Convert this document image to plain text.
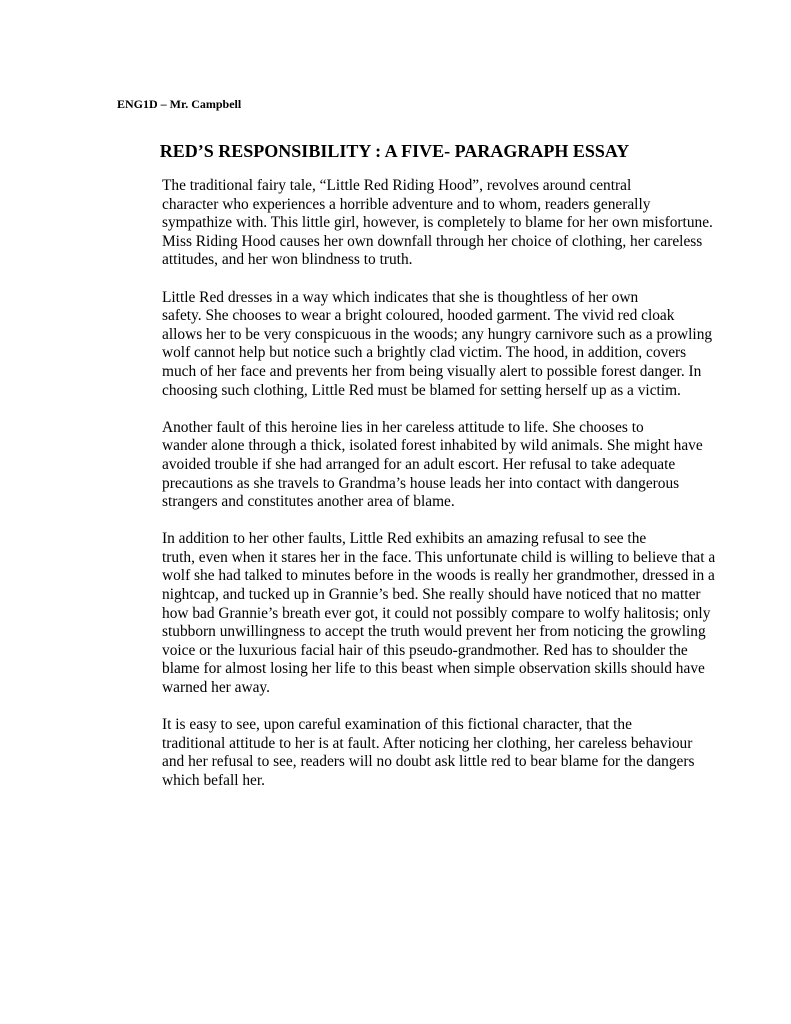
ENG1D – Mr. Campbell

RED’S RESPONSIBILITY : A FIVE- PARAGRAPH ESSAY

The traditional fairy tale, “Little Red Riding Hood”, revolves around central
character who experiences a horrible adventure and to whom, readers generally
sympathize with. This little girl, however, is completely to blame for her own misfortune.
Miss Riding Hood causes her own downfall through her choice of clothing, her careless
attitudes, and her won blindness to truth.

Little Red dresses in a way which indicates that she is thoughtless of her own
safety. She chooses to wear a bright coloured, hooded garment. The vivid red cloak
allows her to be very conspicuous in the woods; any hungry carnivore such as a prowling
wolf cannot help but notice such a brightly clad victim. The hood, in addition, covers
much of her face and prevents her from being visually alert to possible forest danger. In
choosing such clothing, Little Red must be blamed for setting herself up as a victim.

Another fault of this heroine lies in her careless attitude to life. She chooses to
wander alone through a thick, isolated forest inhabited by wild animals. She might have
avoided trouble if she had arranged for an adult escort. Her refusal to take adequate
precautions as she travels to Grandma’s house leads her into contact with dangerous
strangers and constitutes another area of blame.

In addition to her other faults, Little Red exhibits an amazing refusal to see the
truth, even when it stares her in the face. This unfortunate child is willing to believe that a
wolf she had talked to minutes before in the woods is really her grandmother, dressed in a
nightcap, and tucked up in Grannie’s bed. She really should have noticed that no matter
how bad Grannie’s breath ever got, it could not possibly compare to wolfy halitosis; only
stubborn unwillingness to accept the truth would prevent her from noticing the growling
voice or the luxurious facial hair of this pseudo-grandmother. Red has to shoulder the
blame for almost losing her life to this beast when simple observation skills should have
warned her away.

It is easy to see, upon careful examination of this fictional character, that the
traditional attitude to her is at fault. After noticing her clothing, her careless behaviour
and her refusal to see, readers will no doubt ask little red to bear blame for the dangers
which befall her.
